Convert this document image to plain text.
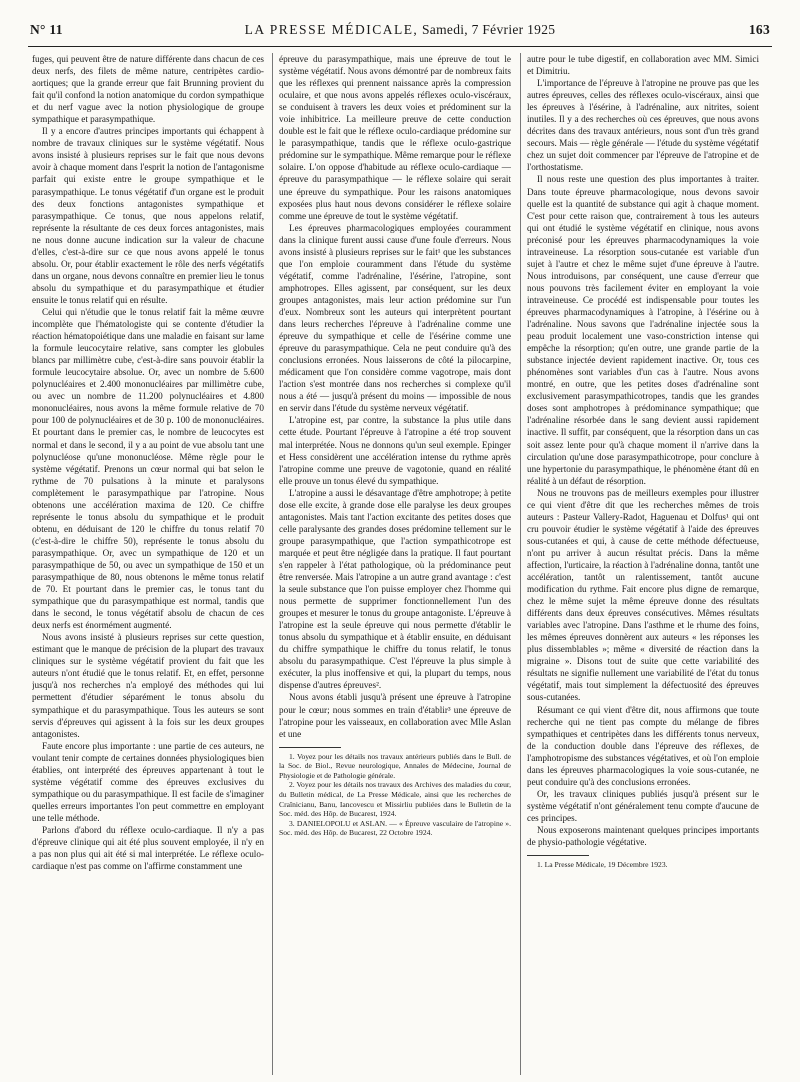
N° 11	LA PRESSE MÉDICALE, Samedi, 7 Février 1925	163

fuges, qui peuvent être de nature différente dans chacun de ces deux nerfs, des filets de même nature, centripètes cardio-aortiques; que la grande erreur que fait Brunning provient du fait qu'il confond la notion anatomique du cordon sympathique et du nerf vague avec la notion physiologique de groupe sympathique et parasympathique.

Il y a encore d'autres principes importants qui échappent à nombre de travaux cliniques sur le système végétatif. Nous avons insisté à plusieurs reprises sur le fait que nous devons avoir à chaque moment dans l'esprit la notion de l'antagonisme parfait qui existe entre le groupe sympathique et le parasympathique. Le tonus végétatif d'un organe est le produit des deux fonctions antagonistes sympathique et parasympathique. Ce tonus, que nous appelons relatif, représente la résultante de ces deux forces antagonistes, mais ne nous donne aucune indication sur la valeur de chacune d'elles, c'est-à-dire sur ce que nous avons appelé le tonus absolu. Or, pour établir exactement le rôle des nerfs végétatifs dans un organe, nous devons connaître en premier lieu le tonus absolu du sympathique et du parasympathique et étudier ensuite le tonus relatif qui en résulte.

Celui qui n'étudie que le tonus relatif fait la même œuvre incomplète que l'hématologiste qui se contente d'étudier la réaction hématopoiétique dans une maladie en faisant sur lame la formule leucocytaire relative, sans compter les globules blancs par millimètre cube, c'est-à-dire sans pouvoir établir la formule leucocytaire absolue. Or, avec un nombre de 5.600 polynucléaires et 2.400 mononucléaires par millimètre cube, ou avec un nombre de 11.200 polynucléaires et 4.800 mononucléaires, nous avons la même formule relative de 70 pour 100 de polynucléaires et de 30 p. 100 de mononucléaires. Et pourtant dans le premier cas, le nombre de leucocytes est normal et dans le second, il y a au point de vue absolu tant une polynucléose qu'une mononucléose. Même règle pour le système végétatif. Prenons un cœur normal qui bat selon le rythme de 70 pulsations à la minute et paralysons complètement le parasympathique par l'atropine. Nous obtenons une accélération maxima de 120. Ce chiffre représente le tonus absolu du sympathique et le produit obtenu, en déduisant de 120 le chiffre du tonus relatif 70 (c'est-à-dire le chiffre 50), représente le tonus absolu du parasympathique. Or, avec un sympathique de 120 et un parasympathique de 50, ou avec un sympathique de 150 et un parasympathique de 80, nous obtenons le même tonus relatif de 70. Et pourtant dans le premier cas, le tonus tant du sympathique que du parasympathique est normal, tandis que dans le second, le tonus végétatif absolu de chacun de ces deux nerfs est énormément augmenté.

Nous avons insisté à plusieurs reprises sur cette question, estimant que le manque de précision de la plupart des travaux cliniques sur le système végétatif provient du fait que les auteurs n'ont étudié que le tonus relatif. Et, en effet, personne jusqu'à nos recherches n'a employé des méthodes qui lui permettent d'étudier séparément le tonus absolu du sympathique et du parasympathique. Tous les auteurs se sont servis d'épreuves qui agissent à la fois sur les deux groupes antagonistes.

Faute encore plus importante : une partie de ces auteurs, ne voulant tenir compte de certaines données physiologiques bien établies, ont interprété des épreuves appartenant à tout le système végétatif comme des épreuves exclusives du sympathique ou du parasympathique. Il est facile de s'imaginer quelles erreurs importantes l'on peut commettre en employant une telle méthode.

Parlons d'abord du réflexe oculo-cardiaque. Il n'y a pas d'épreuve clinique qui ait été plus souvent employée, il n'y en a pas non plus qui ait été si mal interprétée. Le réflexe oculo-cardiaque n'est pas comme on l'affirme constamment une

épreuve du parasympathique, mais une épreuve de tout le système végétatif. Nous avons démontré par de nombreux faits que les réflexes qui prennent naissance après la compression oculaire, et que nous avons appelés réflexes oculo-viscéraux, se conduisent à travers les deux voies et prédominent sur la voie inhibitrice. La meilleure preuve de cette conduction double est le fait que le réflexe oculo-cardiaque prédomine sur le parasympathique, tandis que le réflexe oculo-gastrique prédomine sur le sympathique. Même remarque pour le réflexe solaire. L'on oppose d'habitude au réflexe oculo-cardiaque — épreuve du parasympathique — le réflexe solaire qui serait une épreuve du sympathique. Pour les raisons anatomiques exposées plus haut nous devons considérer le réflexe solaire comme une épreuve de tout le système végétatif.

Les épreuves pharmacologiques employées couramment dans la clinique furent aussi cause d'une foule d'erreurs. Nous avons insisté à plusieurs reprises sur le fait¹ que les substances que l'on emploie couramment dans l'étude du système végétatif, comme l'adrénaline, l'ésérine, l'atropine, sont amphotropes. Elles agissent, par conséquent, sur les deux groupes antagonistes, mais leur action prédomine sur l'un d'eux. Nombreux sont les auteurs qui interprètent pourtant dans leurs recherches l'épreuve à l'adrénaline comme une épreuve du sympathique et celle de l'ésérine comme une épreuve du parasympathique. Cela ne peut conduire qu'à des conclusions erronées. Nous laisserons de côté la pilocarpine, médicament que l'on considère comme vagotrope, mais dont l'action s'est montrée dans nos recherches si complexe qu'il nous a été — jusqu'à présent du moins — impossible de nous en servir dans l'étude du système nerveux végétatif.

L'atropine est, par contre, la substance la plus utile dans cette étude. Pourtant l'épreuve à l'atropine a été trop souvent mal interprétée. Nous ne donnons qu'un seul exemple. Epinger et Hess considèrent une accélération intense du rythme après l'atropine comme une preuve de vagotonie, quand en réalité elle prouve un tonus élevé du sympathique.

L'atropine a aussi le désavantage d'être amphotrope; à petite dose elle excite, à grande dose elle paralyse les deux groupes antagonistes. Mais tant l'action excitante des petites doses que celle paralysante des grandes doses prédomine tellement sur le groupe parasympathique, que l'action sympathicotrope est marquée et peut être négligée dans la pratique. Il faut pourtant s'en rappeler à l'état pathologique, où la prédominance peut être renversée. Mais l'atropine a un autre grand avantage : c'est la seule substance que l'on puisse employer chez l'homme qui nous permette de supprimer fonctionnellement l'un des groupes et mesurer le tonus du groupe antagoniste. L'épreuve à l'atropine est la seule épreuve qui nous permette d'établir le tonus absolu du sympathique et à établir ensuite, en déduisant du chiffre sympathique le chiffre du tonus relatif, le tonus absolu du parasympathique. C'est l'épreuve la plus simple à exécuter, la plus inoffensive et qui, la plupart du temps, nous dispense d'autres épreuves².

Nous avons établi jusqu'à présent une épreuve à l'atropine pour le cœur; nous sommes en train d'établir³ une épreuve de l'atropine pour les vaisseaux, en collaboration avec Mlle Aslan et une

1. Voyez pour les détails nos travaux antérieurs publiés dans le Bull. de la Soc. de Biol., Revue neurologique, Annales de Médecine, Journal de Physiologie et de Pathologie générale.

2. Voyez pour les détails nos travaux des Archives des maladies du cœur, du Bulletin médical, de La Presse Médicale, ainsi que les recherches de Craînicianu, Banu, Iancovescu et Missirliu publiées dans le Bulletin de la Soc. méd. des Hôp. de Bucarest, 1924.

3. DANIELOPOLU et ASLAN. — « Épreuve vasculaire de l'atropine ». Soc. méd. des Hôp. de Bucarest, 22 Octobre 1924.

autre pour le tube digestif, en collaboration avec MM. Simici et Dimitriu.

L'importance de l'épreuve à l'atropine ne prouve pas que les autres épreuves, celles des réflexes oculo-viscéraux, ainsi que les épreuves à l'ésérine, à l'adrénaline, aux nitrites, soient inutiles. Il y a des recherches où ces épreuves, que nous avons décrites dans des travaux antérieurs, nous sont d'un très grand secours. Mais — règle générale — l'étude du système végétatif chez un sujet doit commencer par l'épreuve de l'atropine et de l'orthostatisme.

Il nous reste une question des plus importantes à traiter. Dans toute épreuve pharmacologique, nous devons savoir quelle est la quantité de substance qui agit à chaque moment. C'est pour cette raison que, contrairement à tous les auteurs qui ont étudié le système végétatif en clinique, nous avons préconisé pour les épreuves pharmacodynamiques la voie intraveineuse. La résorption sous-cutanée est variable d'un sujet à l'autre et chez le même sujet d'une épreuve à l'autre. Nous introduisons, par conséquent, une cause d'erreur que nous pouvons très facilement éviter en employant la voie intraveineuse. Ce procédé est indispensable pour toutes les épreuves pharmacodynamiques à l'atropine, à l'ésérine ou à l'adrénaline. Nous savons que l'adrénaline injectée sous la peau produit localement une vaso-constriction intense qui empêche la résorption; qu'en outre, une grande partie de la substance injectée devient rapidement inactive. Or, tous ces phénomènes sont variables d'un cas à l'autre. Nous avons montré, en outre, que les petites doses d'adrénaline sont exclusivement parasympathicotropes, tandis que les grandes doses sont amphotropes à prédominance sympathique; que l'adrénaline résorbée dans le sang devient aussi rapidement inactive. Il suffit, par conséquent, que la résorption dans un cas soit assez lente pour qu'à chaque moment il n'arrive dans la circulation qu'une dose parasympathicotrope, pour conclure à une hypertonie du parasympathique, le phénomène étant dû en réalité à un défaut de résorption.

Nous ne trouvons pas de meilleurs exemples pour illustrer ce qui vient d'être dit que les recherches mêmes de trois auteurs : Pasteur Vallery-Radot, Haguenau et Dolfus¹ qui ont cru pouvoir étudier le système végétatif à l'aide des épreuves sous-cutanées et qui, à cause de cette méthode défectueuse, n'ont pu arriver à aucun résultat précis. Dans la même affection, l'urticaire, la réaction à l'adrénaline donna, tantôt une accélération, tantôt un ralentissement, tantôt aucune modification du rythme. Fait encore plus digne de remarque, chez le même sujet la même épreuve donne des résultats différents dans deux épreuves consécutives. Mêmes résultats variables avec l'atropine. Dans l'asthme et le rhume des foins, les mêmes épreuves donnèrent aux auteurs « les réponses les plus dissemblables »; même « diversité de réaction dans la migraine ». Disons tout de suite que cette variabilité des résultats ne signifie nullement une variabilité de l'état du tonus végétatif, mais tout simplement la défectuosité des épreuves sous-cutanées.

Résumant ce qui vient d'être dit, nous affirmons que toute recherche qui ne tient pas compte du mélange de fibres sympathiques et centripètes dans les différents tonus nerveux, de la conduction double dans l'épreuve des réflexes, de l'amphotropisme des substances végétatives, et où l'on emploie dans les épreuves pharmacologiques la voie sous-cutanée, ne peut conduire qu'à des conclusions erronées.

Or, les travaux cliniques publiés jusqu'à présent sur le système végétatif n'ont généralement tenu compte d'aucune de ces principes.

Nous exposerons maintenant quelques principes importants de physio-pathologie végétative.

1. La Presse Médicale, 19 Décembre 1923.
